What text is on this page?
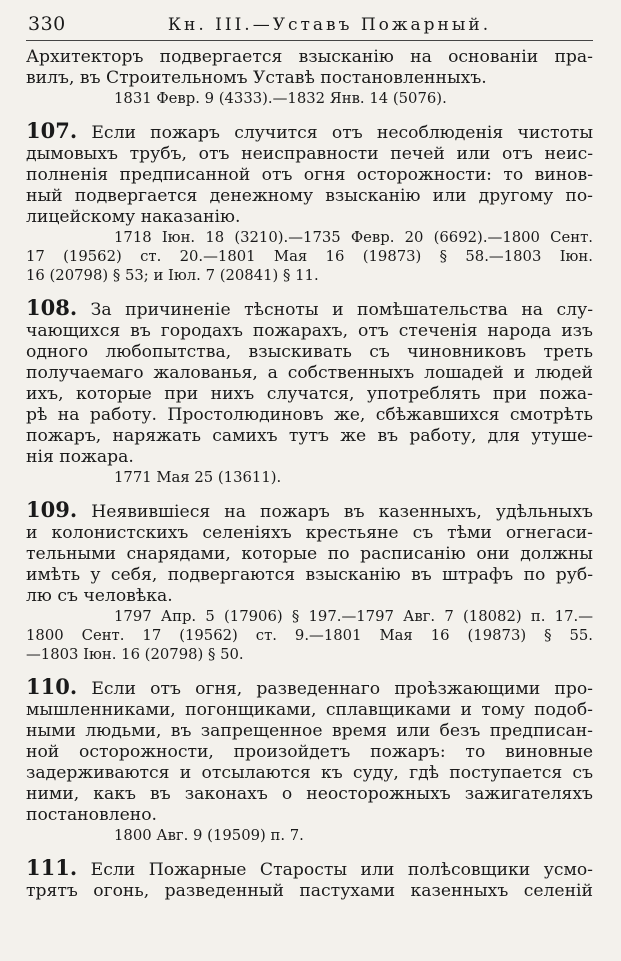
330	Кн. III.—Уставъ Пожарный.
Архитекторъ подвергается взысканію на основаніи пра-
вилъ, въ Строительномъ Уставѣ постановленныхъ.
1831 Февр. 9 (4333).—1832 Янв. 14 (5076).
107. Если пожаръ случится отъ несоблюденія чистоты
дымовыхъ трубъ, отъ неисправности печей или отъ неис-
полненія предписанной отъ огня осторожности: то винов-
ный подвергается денежному взысканію или другому по-
лицейскому наказанію.
1718 Іюн. 18 (3210).—1735 Февр. 20 (6692).—1800 Сент.
17 (19562) ст. 20.—1801 Мая 16 (19873) § 58.—1803 Іюн.
16 (20798) § 53; и Іюл. 7 (20841) § 11.
108. За причиненіе тѣсноты и помѣшательства на слу-
чающихся въ городахъ пожарахъ, отъ стеченія народа изъ
одного любопытства, взыскивать съ чиновниковъ треть
получаемаго жалованья, а собственныхъ лошадей и людей
ихъ, которые при нихъ случатся, употреблять при пожа-
рѣ на работу. Простолюдиновъ же, сбѣжавшихся смотрѣть
пожаръ, наряжать самихъ тутъ же въ работу, для утуше-
нія пожара.
1771 Мая 25 (13611).
109. Неявившіеся на пожаръ въ казенныхъ, удѣльныхъ
и колонистскихъ селеніяхъ крестьяне съ тѣми огнегаси-
тельными снарядами, которые по расписанію они должны
имѣть у себя, подвергаются взысканію въ штрафъ по руб-
лю съ человѣка.
1797 Апр. 5 (17906) § 197.—1797 Авг. 7 (18082) п. 17.—
1800 Сент. 17 (19562) ст. 9.—1801 Мая 16 (19873) § 55.
—1803 Іюн. 16 (20798) § 50.
110. Если отъ огня, разведеннаго проѣзжающими про-
мышленниками, погонщиками, сплавщиками и тому подоб-
ными людьми, въ запрещенное время или безъ предписан-
ной осторожности, произойдетъ пожаръ: то виновные
задерживаются и отсылаются къ суду, гдѣ поступается съ
ними, какъ въ законахъ о неосторожныхъ зажигателяхъ
постановлено.
1800 Авг. 9 (19509) п. 7.
111. Если Пожарные Старосты или полѣсовщики усмо-
трятъ огонь, разведенный пастухами казенныхъ селеній
